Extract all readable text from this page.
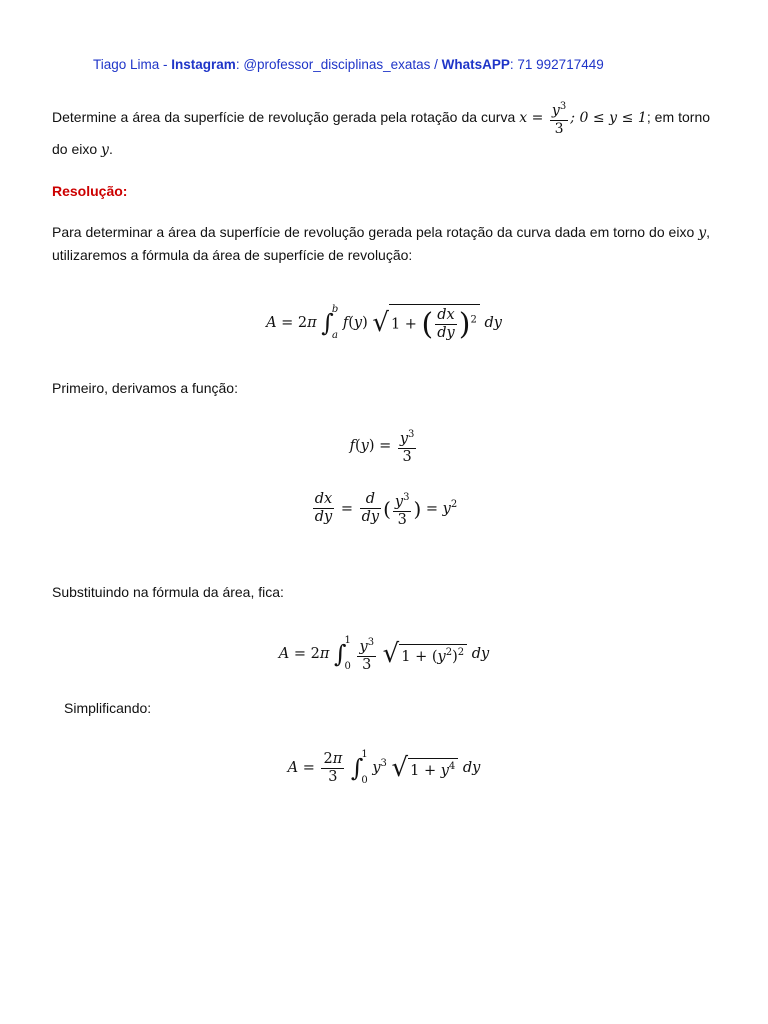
Tiago Lima - Instagram: @professor_disciplinas_exatas / WhatsAPP: 71 992717449
Determine a área da superfície de revolução gerada pela rotação da curva $x = \frac{y^3}{3}$ ; 0 ≤ y ≤ 1; em torno do eixo y.
Resolução:
Para determinar a área da superfície de revolução gerada pela rotação da curva dada em torno do eixo y, utilizaremos a fórmula da área de superfície de revolução:
A = 2π ∫
b
a
f(y) √ 1 + ( $\frac{dx}{dy} )^2$ dy
Primeiro, derivamos a função:
$f(y) = \frac{y^3}{3}$
$\frac{dx}{dy} = \frac{d}{dy}$ ( $\frac{y^3}{3}$ ) = $y^2$
Substituindo na fórmula da área, fica:
A = 2π ∫
1
0
$\frac{y^3}{3}$ √ $1 + (y^2)^2$ dy
Simplificando:
$A = \frac{2\pi}{3}$ ∫
1
0
$y^3$ √ $1 + y^4$ dy
